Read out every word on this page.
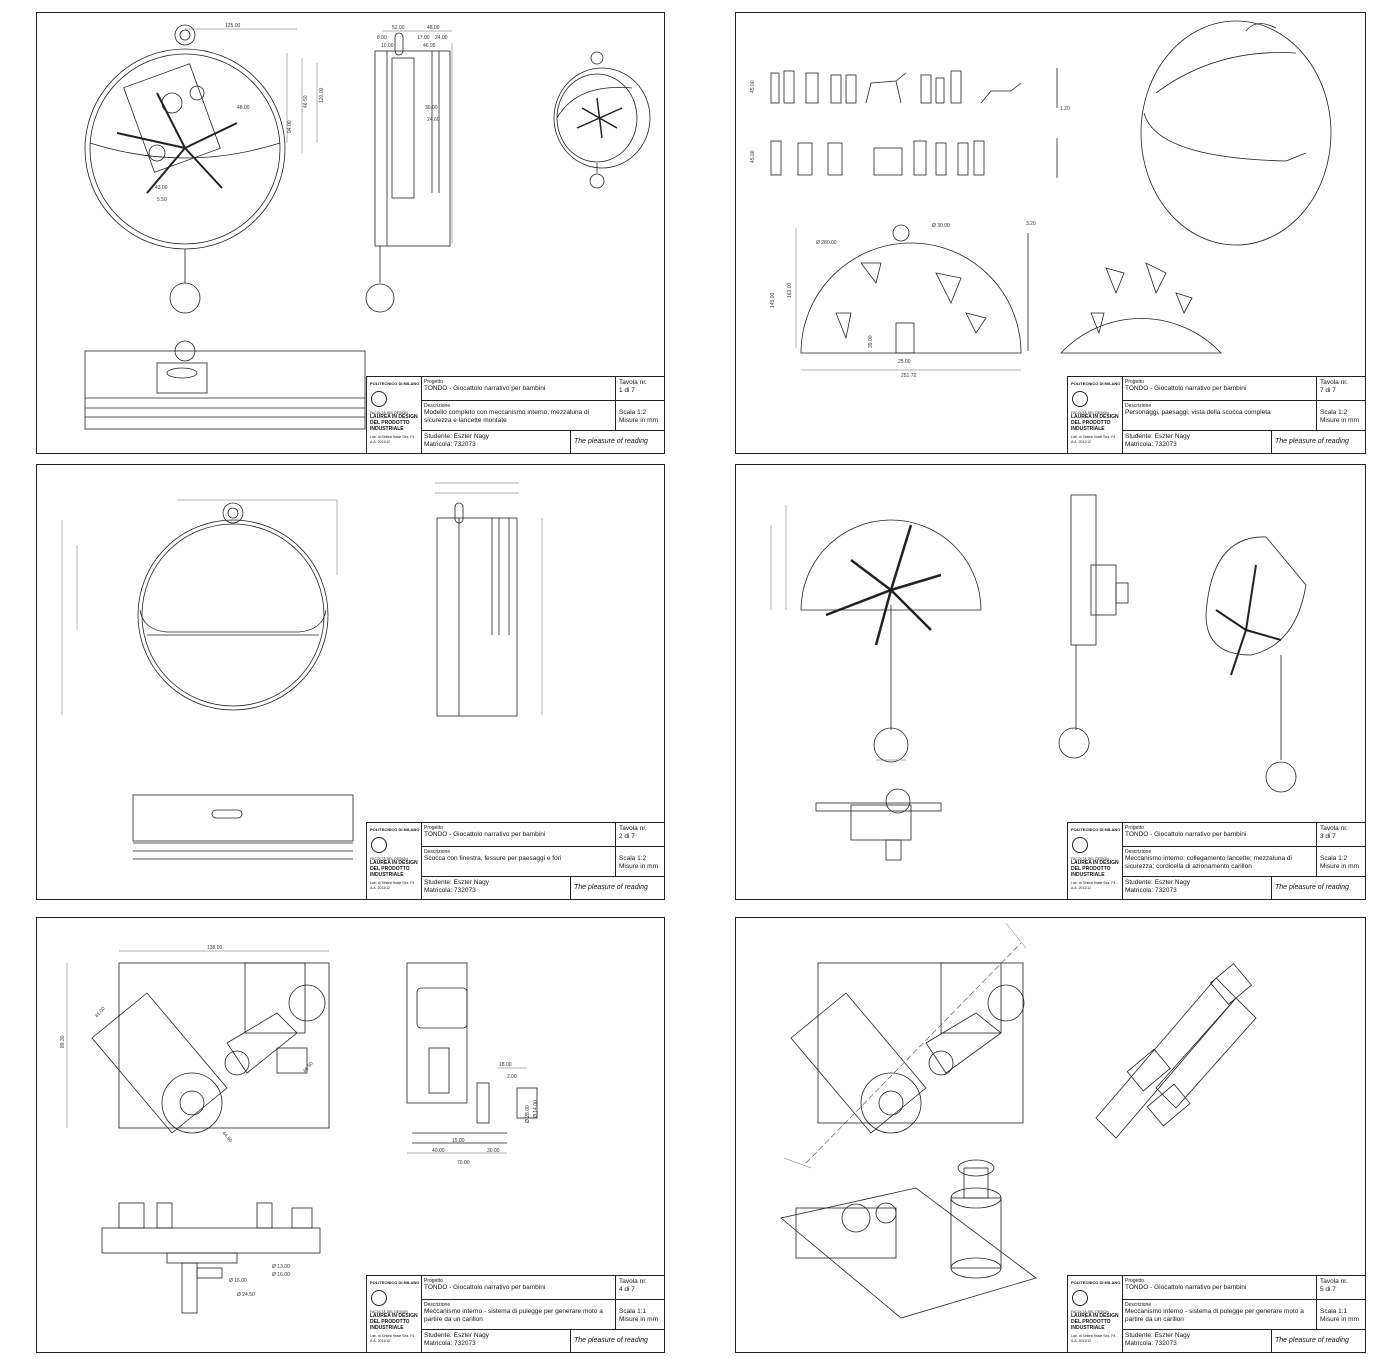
125.00	52.00	48.00
8.00	17.00 24.00
10.00	46.95
30.00
120.00
46.50
94.00
48.00
43.00
5.50
24.60
Vista 1:4
POLITECNICO DI MILANO
FACOLTÀ DEL DESIGN
LAUREA IN DESIGN DEL PRODOTTO INDUSTRIALE
Lab. di Sintesi finale Sez. F4 - A.A. 2011/12
Progetto
TONDO - Giocattolo narrativo per bambini
Tavola nr.
1 di 7
Descrizione
Modello completo con meccanismo interno, mezzaluna di sicurezza e lancette montate
Scala 1:2
Misure in mm
Studente: Eszter Nagy
Matricola: 732073	The pleasure of reading
45.00
45.00
1.20
Ø 30.00
Ø 280.00
3.20
145.00
163.00
25.00
39.00
251.72
POLITECNICO DI MILANO
FACOLTÀ DEL DESIGN
LAUREA IN DESIGN DEL PRODOTTO INDUSTRIALE
Lab. di Sintesi finale Sez. F4 - A.A. 2011/12
Progetto
TONDO - Giocattolo narrativo per bambini
Tavola nr.
7 di 7
Descrizione
Personaggi, paesaggi, vista della scocca completa	Scala 1:2
Misure in mm
Studente: Eszter Nagy
Matricola: 732073	The pleasure of reading
POLITECNICO DI MILANO
FACOLTÀ DEL DESIGN
LAUREA IN DESIGN DEL PRODOTTO INDUSTRIALE
Lab. di Sintesi finale Sez. F4 - A.A. 2011/12
Progetto
TONDO - Giocattolo narrativo per bambini
Tavola nr.
2 di 7
Descrizione
Scocca con finestra, fessure per paesaggi e fori	Scala 1:2
Misure in mm
Studente: Eszter Nagy
Matricola: 732073	The pleasure of reading
POLITECNICO DI MILANO
FACOLTÀ DEL DESIGN
LAUREA IN DESIGN DEL PRODOTTO INDUSTRIALE
Lab. di Sintesi finale Sez. F4 - A.A. 2011/12
Progetto
TONDO - Giocattolo narrativo per bambini
Tavola nr.
3 di 7
Descrizione
Meccanismo interno: collegamento lancette; mezzaluna di sicurezza; cordicella di azionamento carillon
Scala 1:2
Misure in mm
Studente: Eszter Nagy
Matricola: 732073	The pleasure of reading
138.00
89.30
41.00
46.50
44.50
18.00
2.00
Ø 28.00 Ø 14.00
15.00
40.00	30.00
70.00
Ø 16.00
Ø 13.00
Ø 16.00
Ø 24.50
POLITECNICO DI MILANO
FACOLTÀ DEL DESIGN
LAUREA IN DESIGN DEL PRODOTTO INDUSTRIALE
Lab. di Sintesi finale Sez. F4 - A.A. 2011/12
Progetto
TONDO - Giocattolo narrativo per bambini
Tavola nr.
4 di 7
Descrizione
Meccanismo interno - sistema di pulegge per generare moto a partire da un carillon
Scala 1:1
Misure in mm
Studente: Eszter Nagy
Matricola: 732073	The pleasure of reading
C-C
C
C
POLITECNICO DI MILANO
FACOLTÀ DEL DESIGN
LAUREA IN DESIGN DEL PRODOTTO INDUSTRIALE
Lab. di Sintesi finale Sez. F4 - A.A. 2011/12
Progetto
TONDO - Giocattolo narrativo per bambini
Tavola nr.
5 di 7
Descrizione
Meccanismo interno - sistema di pulegge per generare moto a partire da un carillon
Scala 1:1
Misure in mm
Studente: Eszter Nagy
Matricola: 732073	The pleasure of reading
